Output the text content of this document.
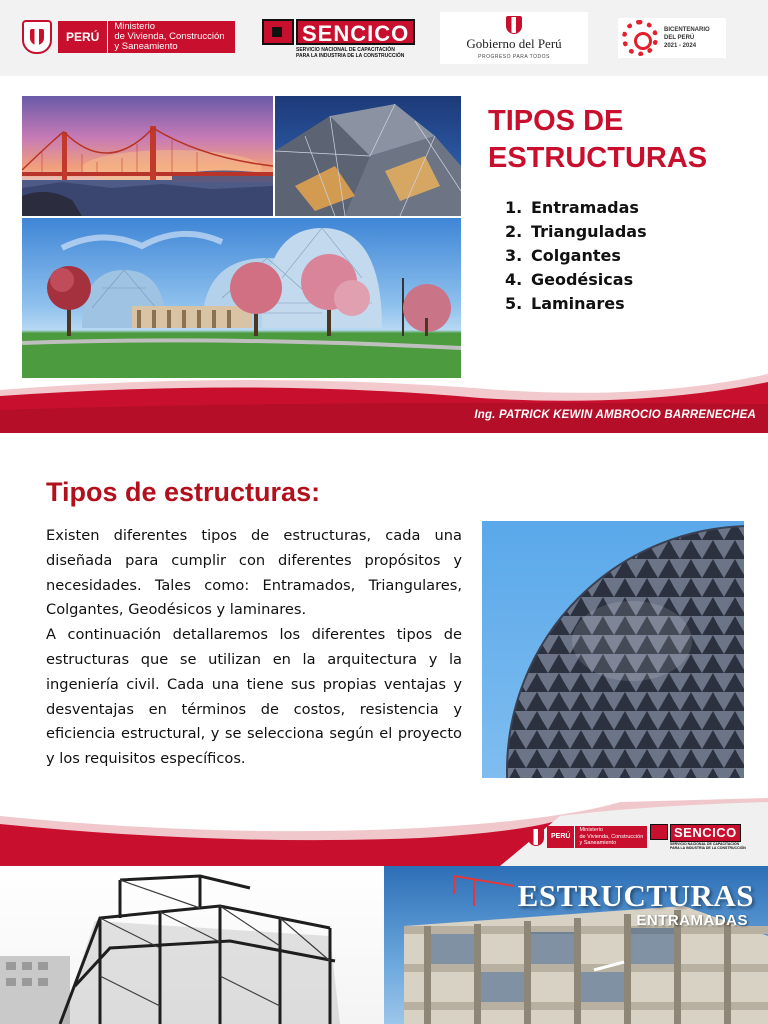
PERÚ
Ministerio
de Vivienda, Construcción
y Saneamiento
SENCICO
SERVICIO NACIONAL DE CAPACITACIÓN
PARA LA INDUSTRIA DE LA CONSTRUCCIÓN
Gobierno del Perú
PROGRESO PARA TODOS
BICENTENARIO
DEL PERÚ
2021 - 2024
TIPOS DE ESTRUCTURAS
1. Entramadas
2. Trianguladas
3. Colgantes
4. Geodésicas
5. Laminares
Ing. PATRICK KEWIN AMBROCIO BARRENECHEA
Tipos de estructuras:

Existen diferentes tipos de estructuras, cada una diseñada para cumplir con diferentes propósitos y necesidades. Tales como: Entramados, Triangulares, Colgantes, Geodésicos y laminares.

A continuación detallaremos los diferentes tipos de estructuras que se utilizan en la arquitectura y la ingeniería civil. Cada una tiene sus propias ventajas y desventajas en términos de costos, resistencia y eficiencia estructural, y se selecciona según el proyecto y los requisitos específicos.

PERÚ
Ministerio
de Vivienda, Construcción
y Saneamiento
SENCICO
SERVICIO NACIONAL DE CAPACITACIÓN
PARA LA INDUSTRIA DE LA CONSTRUCCIÓN
ESTRUCTURAS
ENTRAMADAS
